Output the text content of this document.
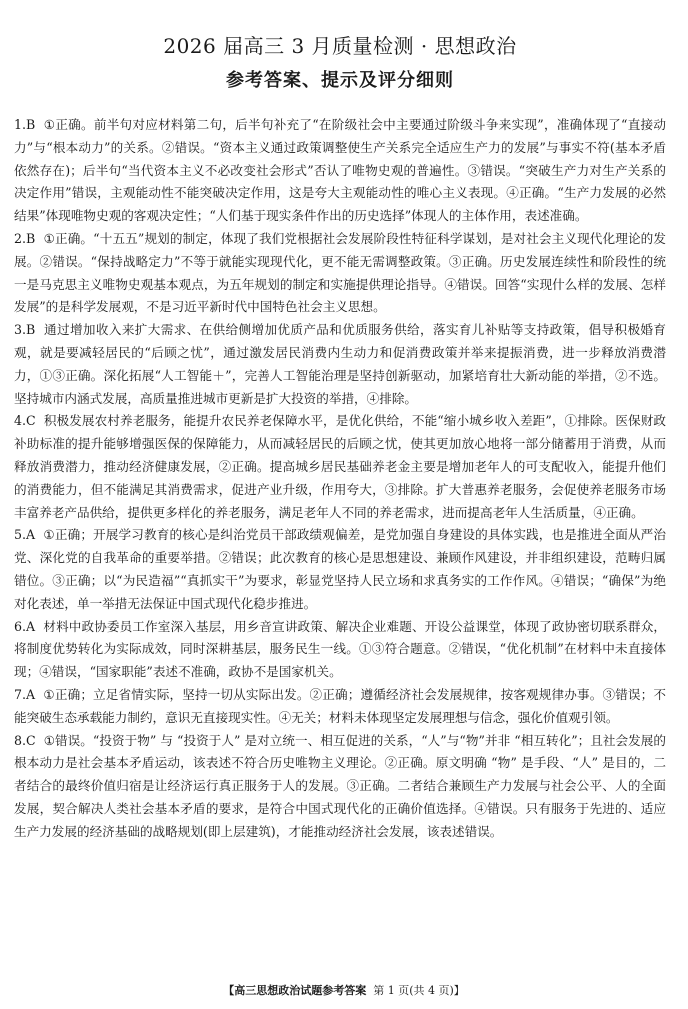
2026 届高三 3 月质量检测 · 思想政治
参考答案、提示及评分细则

1.B ①正确。前半句对应材料第二句，后半句补充了“在阶级社会中主要通过阶级斗争来实现”，准确体现了“直接动力”与“根本动力”的关系。②错误。“资本主义通过政策调整使生产关系完全适应生产力的发展”与事实不符(基本矛盾依然存在)；后半句“当代资本主义不必改变社会形式”否认了唯物史观的普遍性。③错误。“突破生产力对生产关系的决定作用”错误，主观能动性不能突破决定作用，这是夸大主观能动性的唯心主义表现。④正确。“生产力发展的必然结果”体现唯物史观的客观决定性；“人们基于现实条件作出的历史选择”体现人的主体作用，表述准确。

2.B ①正确。“十五五”规划的制定，体现了我们党根据社会发展阶段性特征科学谋划，是对社会主义现代化理论的发展。②错误。“保持战略定力”不等于就能实现现代化，更不能无需调整政策。③正确。历史发展连续性和阶段性的统一是马克思主义唯物史观基本观点，为五年规划的制定和实施提供理论指导。④错误。回答“实现什么样的发展、怎样发展”的是科学发展观，不是习近平新时代中国特色社会主义思想。

3.B 通过增加收入来扩大需求、在供给侧增加优质产品和优质服务供给，落实育儿补贴等支持政策，倡导积极婚育观，就是要减轻居民的“后顾之忧”，通过激发居民消费内生动力和促消费政策并举来提振消费，进一步释放消费潜力，①③正确。深化拓展“人工智能＋”，完善人工智能治理是坚持创新驱动，加紧培育壮大新动能的举措，②不选。坚持城市内涵式发展，高质量推进城市更新是扩大投资的举措，④排除。

4.C 积极发展农村养老服务，能提升农民养老保障水平，是优化供给，不能“缩小城乡收入差距”，①排除。医保财政补助标准的提升能够增强医保的保障能力，从而减轻居民的后顾之忧，使其更加放心地将一部分储蓄用于消费，从而释放消费潜力，推动经济健康发展，②正确。提高城乡居民基础养老金主要是增加老年人的可支配收入，能提升他们的消费能力，但不能满足其消费需求，促进产业升级，作用夸大，③排除。扩大普惠养老服务，会促使养老服务市场丰富养老产品供给，提供更多样化的养老服务，满足老年人不同的养老需求，进而提高老年人生活质量，④正确。

5.A ①正确；开展学习教育的核心是纠治党员干部政绩观偏差，是党加强自身建设的具体实践，也是推进全面从严治党、深化党的自我革命的重要举措。②错误；此次教育的核心是思想建设、兼顾作风建设，并非组织建设，范畴归属错位。③正确；以“为民造福”“真抓实干”为要求，彰显党坚持人民立场和求真务实的工作作风。④错误；“确保”为绝对化表述，单一举措无法保证中国式现代化稳步推进。

6.A 材料中政协委员工作室深入基层，用乡音宣讲政策、解决企业难题、开设公益课堂，体现了政协密切联系群众，将制度优势转化为实际成效，同时深耕基层，服务民生一线。①③符合题意。②错误，“优化机制”在材料中未直接体现；④错误，“国家职能”表述不准确，政协不是国家机关。

7.A ①正确；立足省情实际，坚持一切从实际出发。②正确；遵循经济社会发展规律，按客观规律办事。③错误；不能突破生态承载能力制约，意识无直接现实性。④无关；材料未体现坚定发展理想与信念，强化价值观引领。

8.C ①错误。“投资于物” 与 “投资于人” 是对立统一、相互促进的关系，“人”与“物”并非 “相互转化”；且社会发展的根本动力是社会基本矛盾运动，该表述不符合历史唯物主义理论。②正确。原文明确 “物” 是手段、“人” 是目的，二者结合的最终价值归宿是让经济运行真正服务于人的发展。③正确。二者结合兼顾生产力发展与社会公平、人的全面发展，契合解决人类社会基本矛盾的要求，是符合中国式现代化的正确价值选择。④错误。只有服务于先进的、适应生产力发展的经济基础的战略规划(即上层建筑)，才能推动经济社会发展，该表述错误。

【高三思想政治试题参考答案 第 1 页(共 4 页)】
